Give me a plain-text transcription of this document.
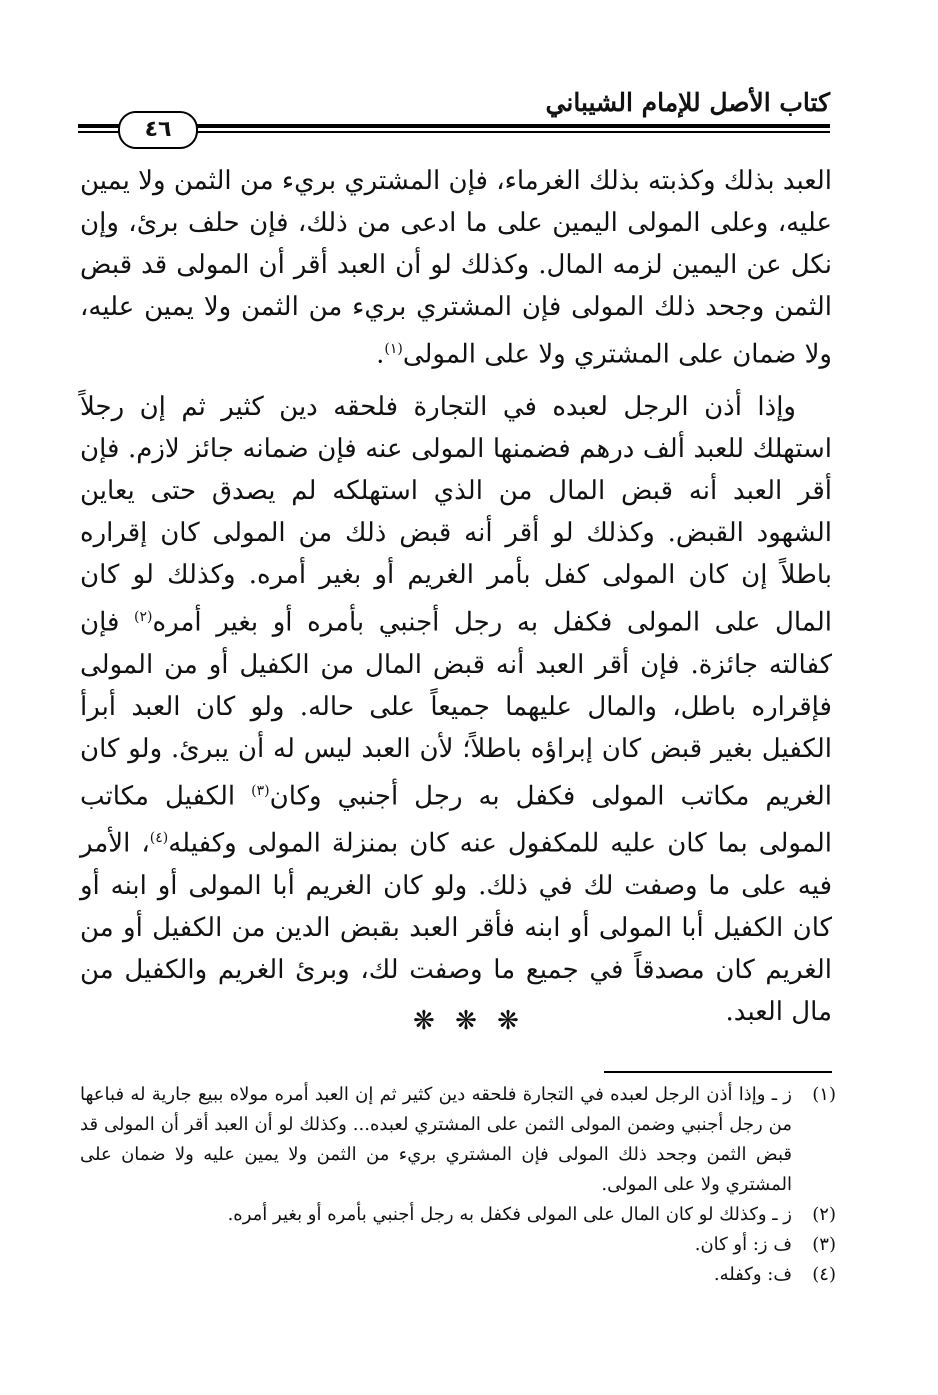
كتاب الأصل للإمام الشيباني
٤٦
العبد بذلك وكذبته بذلك الغرماء، فإن المشتري بريء من الثمن ولا يمين عليه، وعلى المولى اليمين على ما ادعى من ذلك، فإن حلف برئ، وإن نكل عن اليمين لزمه المال. وكذلك لو أن العبد أقر أن المولى قد قبض الثمن وجحد ذلك المولى فإن المشتري بريء من الثمن ولا يمين عليه، ولا ضمان على المشتري ولا على المولى$^{(١)}$.
وإذا أذن الرجل لعبده في التجارة فلحقه دين كثير ثم إن رجلاً استهلك للعبد ألف درهم فضمنها المولى عنه فإن ضمانه جائز لازم. فإن أقر العبد أنه قبض المال من الذي استهلكه لم يصدق حتى يعاين الشهود القبض. وكذلك لو أقر أنه قبض ذلك من المولى كان إقراره باطلاً إن كان المولى كفل بأمر الغريم أو بغير أمره. وكذلك لو كان المال على المولى فكفل به رجل أجنبي بأمره أو بغير أمره$^{(٢)}$ فإن كفالته جائزة. فإن أقر العبد أنه قبض المال من الكفيل أو من المولى فإقراره باطل، والمال عليهما جميعاً على حاله. ولو كان العبد أبرأ الكفيل بغير قبض كان إبراؤه باطلاً؛ لأن العبد ليس له أن يبرئ. ولو كان الغريم مكاتب المولى فكفل به رجل أجنبي وكان$^{(٣)}$ الكفيل مكاتب المولى بما كان عليه للمكفول عنه كان بمنزلة المولى وكفيله$^{(٤)}$، الأمر فيه على ما وصفت لك في ذلك. ولو كان الغريم أبا المولى أو ابنه أو كان الكفيل أبا المولى أو ابنه فأقر العبد بقبض الدين من الكفيل أو من الغريم كان مصدقاً في جميع ما وصفت لك، وبرئ الغريم والكفيل من مال العبد.
❋ ❋ ❋
(١)
ز ـ وإذا أذن الرجل لعبده في التجارة فلحقه دين كثير ثم إن العبد أمره مولاه ببيع جارية له فباعها من رجل أجنبي وضمن المولى الثمن على المشتري لعبده... وكذلك لو أن العبد أقر أن المولى قد قبض الثمن وجحد ذلك المولى فإن المشتري بريء من الثمن ولا يمين عليه ولا ضمان على المشتري ولا على المولى.
(٢)
ز ـ وكذلك لو كان المال على المولى فكفل به رجل أجنبي بأمره أو بغير أمره.
(٣)
ف ز: أو كان.
(٤)
ف: وكفله.
